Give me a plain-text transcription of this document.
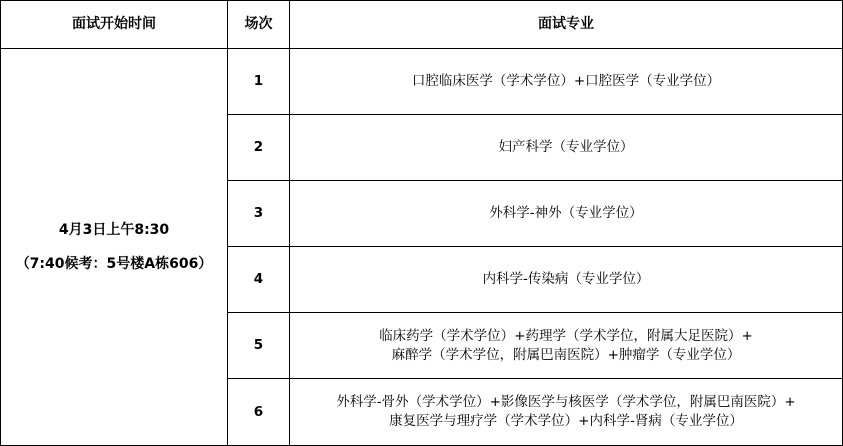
面试开始时间	场次	面试专业

4月3日上午8:30
（7:40候考：5号楼A栋606）	1	口腔临床医学（学术学位）+口腔医学（专业学位）

	2	妇产科学（专业学位）

	3	外科学-神外（专业学位）

	4	内科学-传染病（专业学位）

	5	临床药学（学术学位）+药理学（学术学位，附属大足医院）+
麻醉学（学术学位，附属巴南医院）+肿瘤学（专业学位）

	6	外科学-骨外（学术学位）+影像医学与核医学（学术学位，附属巴南医院）+
康复医学与理疗学（学术学位）+内科学-肾病（专业学位）
